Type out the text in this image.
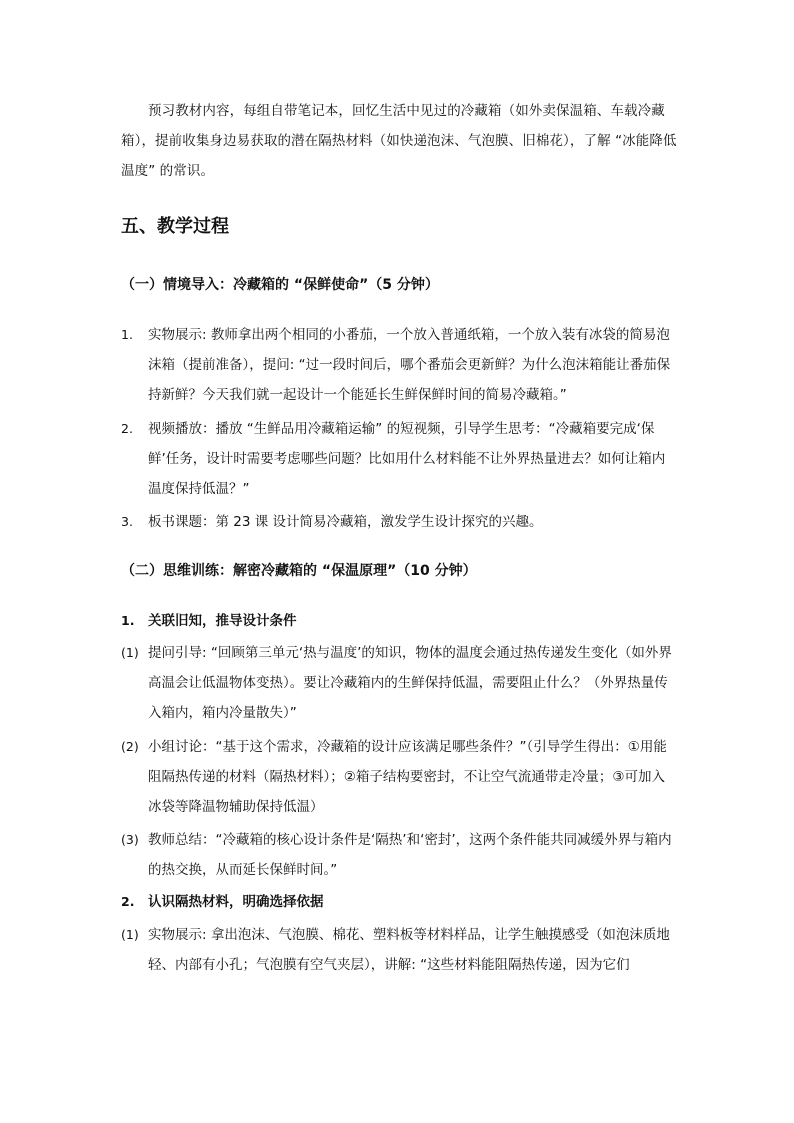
预习教材内容，每组自带笔记本，回忆生活中见过的冷藏箱（如外卖保温箱、车载冷藏箱），提前收集身边易获取的潜在隔热材料（如快递泡沫、气泡膜、旧棉花），了解 “冰能降低温度” 的常识。

五、教学过程

（一）情境导入：冷藏箱的 “保鲜使命”（5 分钟）

1.	实物展示: 教师拿出两个相同的小番茄，一个放入普通纸箱，一个放入装有冰袋的简易泡沫箱（提前准备），提问: “过一段时间后，哪个番茄会更新鲜？为什么泡沫箱能让番茄保持新鲜？今天我们就一起设计一个能延长生鲜保鲜时间的简易冷藏箱。”
2.	视频播放：播放 “生鲜品用冷藏箱运输” 的短视频，引导学生思考：“冷藏箱要完成‘保鲜’任务，设计时需要考虑哪些问题？比如用什么材料能不让外界热量进去？如何让箱内温度保持低温？”
3.	板书课题：第 23 课 设计简易冷藏箱，激发学生设计探究的兴趣。

（二）思维训练：解密冷藏箱的 “保温原理”（10 分钟）

1.	关联旧知，推导设计条件
(1) 提问引导: “回顾第三单元‘热与温度’的知识，物体的温度会通过热传递发生变化（如外界高温会让低温物体变热）。要让冷藏箱内的生鲜保持低温，需要阻止什么？（外界热量传入箱内，箱内冷量散失）”
(2) 小组讨论：“基于这个需求，冷藏箱的设计应该满足哪些条件？”（引导学生得出：①用能阻隔热传递的材料（隔热材料）；②箱子结构要密封，不让空气流通带走冷量；③可加入冰袋等降温物辅助保持低温）
(3) 教师总结：“冷藏箱的核心设计条件是‘隔热’和‘密封’，这两个条件能共同减缓外界与箱内的热交换，从而延长保鲜时间。”
2.	认识隔热材料，明确选择依据
(1) 实物展示: 拿出泡沫、气泡膜、棉花、塑料板等材料样品，让学生触摸感受（如泡沫质地轻、内部有小孔；气泡膜有空气夹层），讲解: “这些材料能阻隔热传递，因为它们
